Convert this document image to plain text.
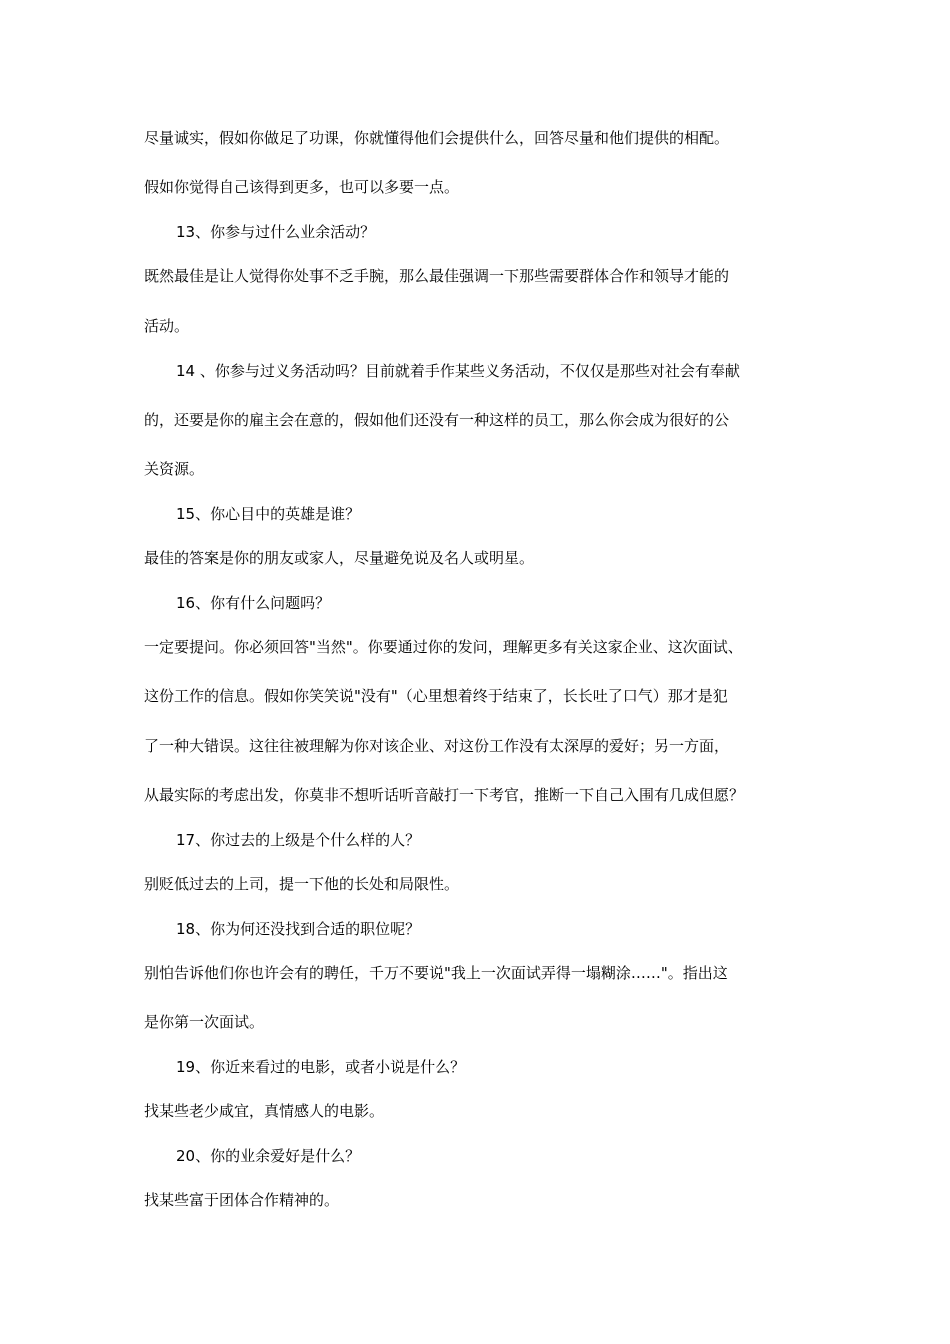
尽量诚实，假如你做足了功课，你就懂得他们会提供什么，回答尽量和他们提供的相配。
假如你觉得自己该得到更多，也可以多要一点。
13、你参与过什么业余活动？
既然最佳是让人觉得你处事不乏手腕，那么最佳强调一下那些需要群体合作和领导才能的
活动。
14 、你参与过义务活动吗？目前就着手作某些义务活动，不仅仅是那些对社会有奉献
的，还要是你的雇主会在意的，假如他们还没有一种这样的员工，那么你会成为很好的公
关资源。
15、你心目中的英雄是谁？
最佳的答案是你的朋友或家人，尽量避免说及名人或明星。
16、你有什么问题吗？
一定要提问。你必须回答"当然"。你要通过你的发问，理解更多有关这家企业、这次面试、
这份工作的信息。假如你笑笑说"没有"（心里想着终于结束了，长长吐了口气）那才是犯
了一种大错误。这往往被理解为你对该企业、对这份工作没有太深厚的爱好；另一方面，
从最实际的考虑出发，你莫非不想听话听音敲打一下考官，推断一下自己入围有几成但愿？
17、你过去的上级是个什么样的人？
别贬低过去的上司，提一下他的长处和局限性。
18、你为何还没找到合适的职位呢？
别怕告诉他们你也许会有的聘任，千万不要说"我上一次面试弄得一塌糊涂……"。指出这
是你第一次面试。
19、你近来看过的电影，或者小说是什么？
找某些老少咸宜，真情感人的电影。
20、你的业余爱好是什么？
找某些富于团体合作精神的。
